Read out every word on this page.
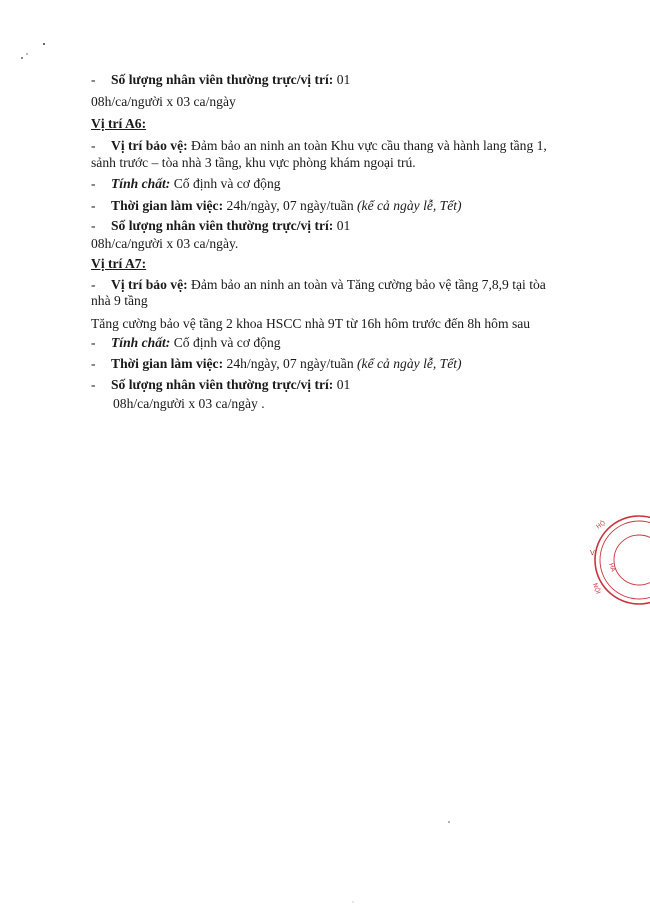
- Số lượng nhân viên thường trực/vị trí: 01
08h/ca/người x 03 ca/ngày
Vị trí A6:
- Vị trí bảo vệ: Đảm bảo an ninh an toàn Khu vực cầu thang và hành lang tầng 1,
sảnh trước – tòa nhà 3 tầng, khu vực phòng khám ngoại trú.
- Tính chất: Cố định và cơ động
- Thời gian làm việc: 24h/ngày, 07 ngày/tuần (kể cả ngày lễ, Tết)
- Số lượng nhân viên thường trực/vị trí: 01
08h/ca/người x 03 ca/ngày.
Vị trí A7:
- Vị trí bảo vệ: Đảm bảo an ninh an toàn và Tăng cường bảo vệ tầng 7,8,9 tại tòa
nhà 9 tầng
Tăng cường bảo vệ tầng 2 khoa HSCC nhà 9T từ 16h hôm trước đến 8h hôm sau
- Tính chất: Cố định và cơ động
- Thời gian làm việc: 24h/ngày, 07 ngày/tuần (kể cả ngày lễ, Tết)
- Số lượng nhân viên thường trực/vị trí: 01
08h/ca/người x 03 ca/ngày .
HỘ
V
HÀ
NỘI
